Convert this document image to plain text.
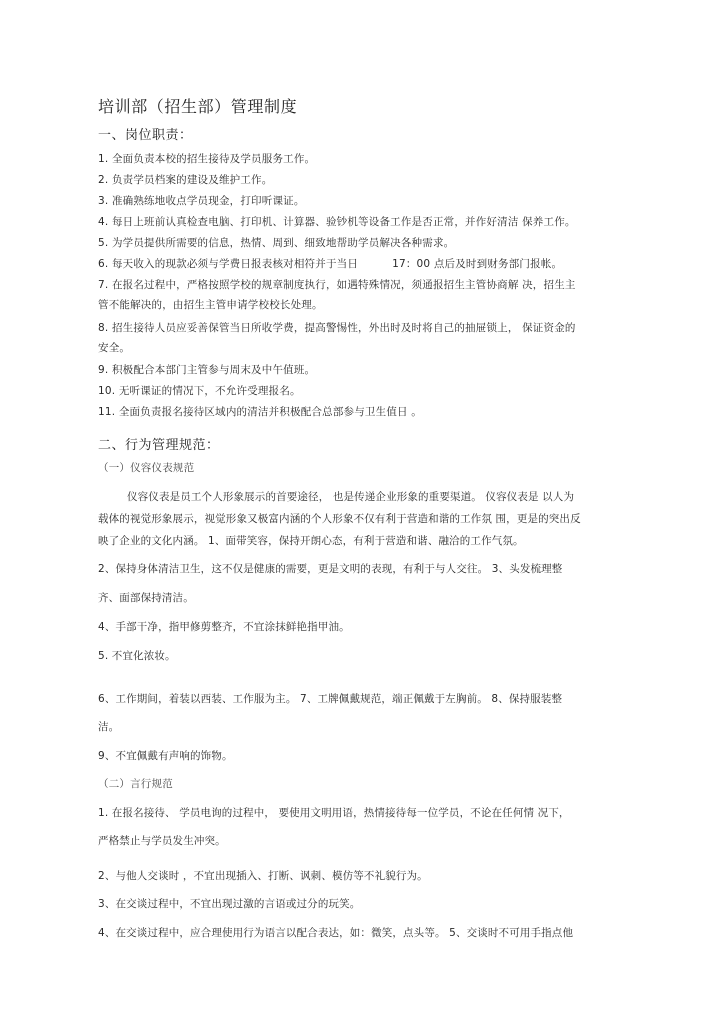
培训部（招生部）管理制度
一、岗位职责：
1. 全面负责本校的招生接待及学员服务工作。
2. 负责学员档案的建设及维护工作。
3. 准确熟练地收点学员现金，打印听课证。
4. 每日上班前认真检查电脑、打印机、计算器、验钞机等设备工作是否正常，并作好清洁 保养工作。
5. 为学员提供所需要的信息，热情、周到、细致地帮助学员解决各种需求。
6. 每天收入的现款必须与学费日报表核对相符并于当日	17：00 点后及时到财务部门报帐。
7. 在报名过程中，严格按照学校的规章制度执行，如遇特殊情况，须通报招生主管协商解 决，招生主
管不能解决的，由招生主管申请学校校长处理。
8. 招生接待人员应妥善保管当日所收学费，提高警惕性，外出时及时将自己的抽屉锁上， 保证资金的
安全。
9. 积极配合本部门主管参与周末及中午值班。
10. 无听课证的情况下，不允许受理报名。
11. 全面负责报名接待区域内的清洁并积极配合总部参与卫生值日 。
二、行为管理规范：
（一）仪容仪表规范
仪容仪表是员工个人形象展示的首要途径， 也是传递企业形象的重要渠道。 仪容仪表是 以人为
载体的视觉形象展示，视觉形象又极富内涵的个人形象不仅有利于营造和谐的工作氛 围，更是的突出反
映了企业的文化内涵。 1、面带笑容，保持开朗心态，有利于营造和谐、融洽的工作气氛。
2、保持身体清洁卫生，这不仅是健康的需要，更是文明的表现，有利于与人交往。 3、头发梳理整
齐、面部保持清洁。
4、手部干净，指甲修剪整齐，不宜涂抹鲜艳指甲油。
5. 不宜化浓妆。
6、工作期间，着装以西装、工作服为主。 7、工牌佩戴规范，端正佩戴于左胸前。 8、保持服装整
洁。
9、不宜佩戴有声响的饰物。
（二）言行规范
1. 在报名接待、 学员电询的过程中， 要使用文明用语，热情接待每一位学员，不论在任何情 况下，
严格禁止与学员发生冲突。
2、与他人交谈时 ，不宜出现插入、打断、讽刺、模仿等不礼貌行为。
3、在交谈过程中，不宜出现过激的言语或过分的玩笑。
4、在交谈过程中，应合理使用行为语言以配合表达，如：微笑，点头等。 5、交谈时不可用手指点他
